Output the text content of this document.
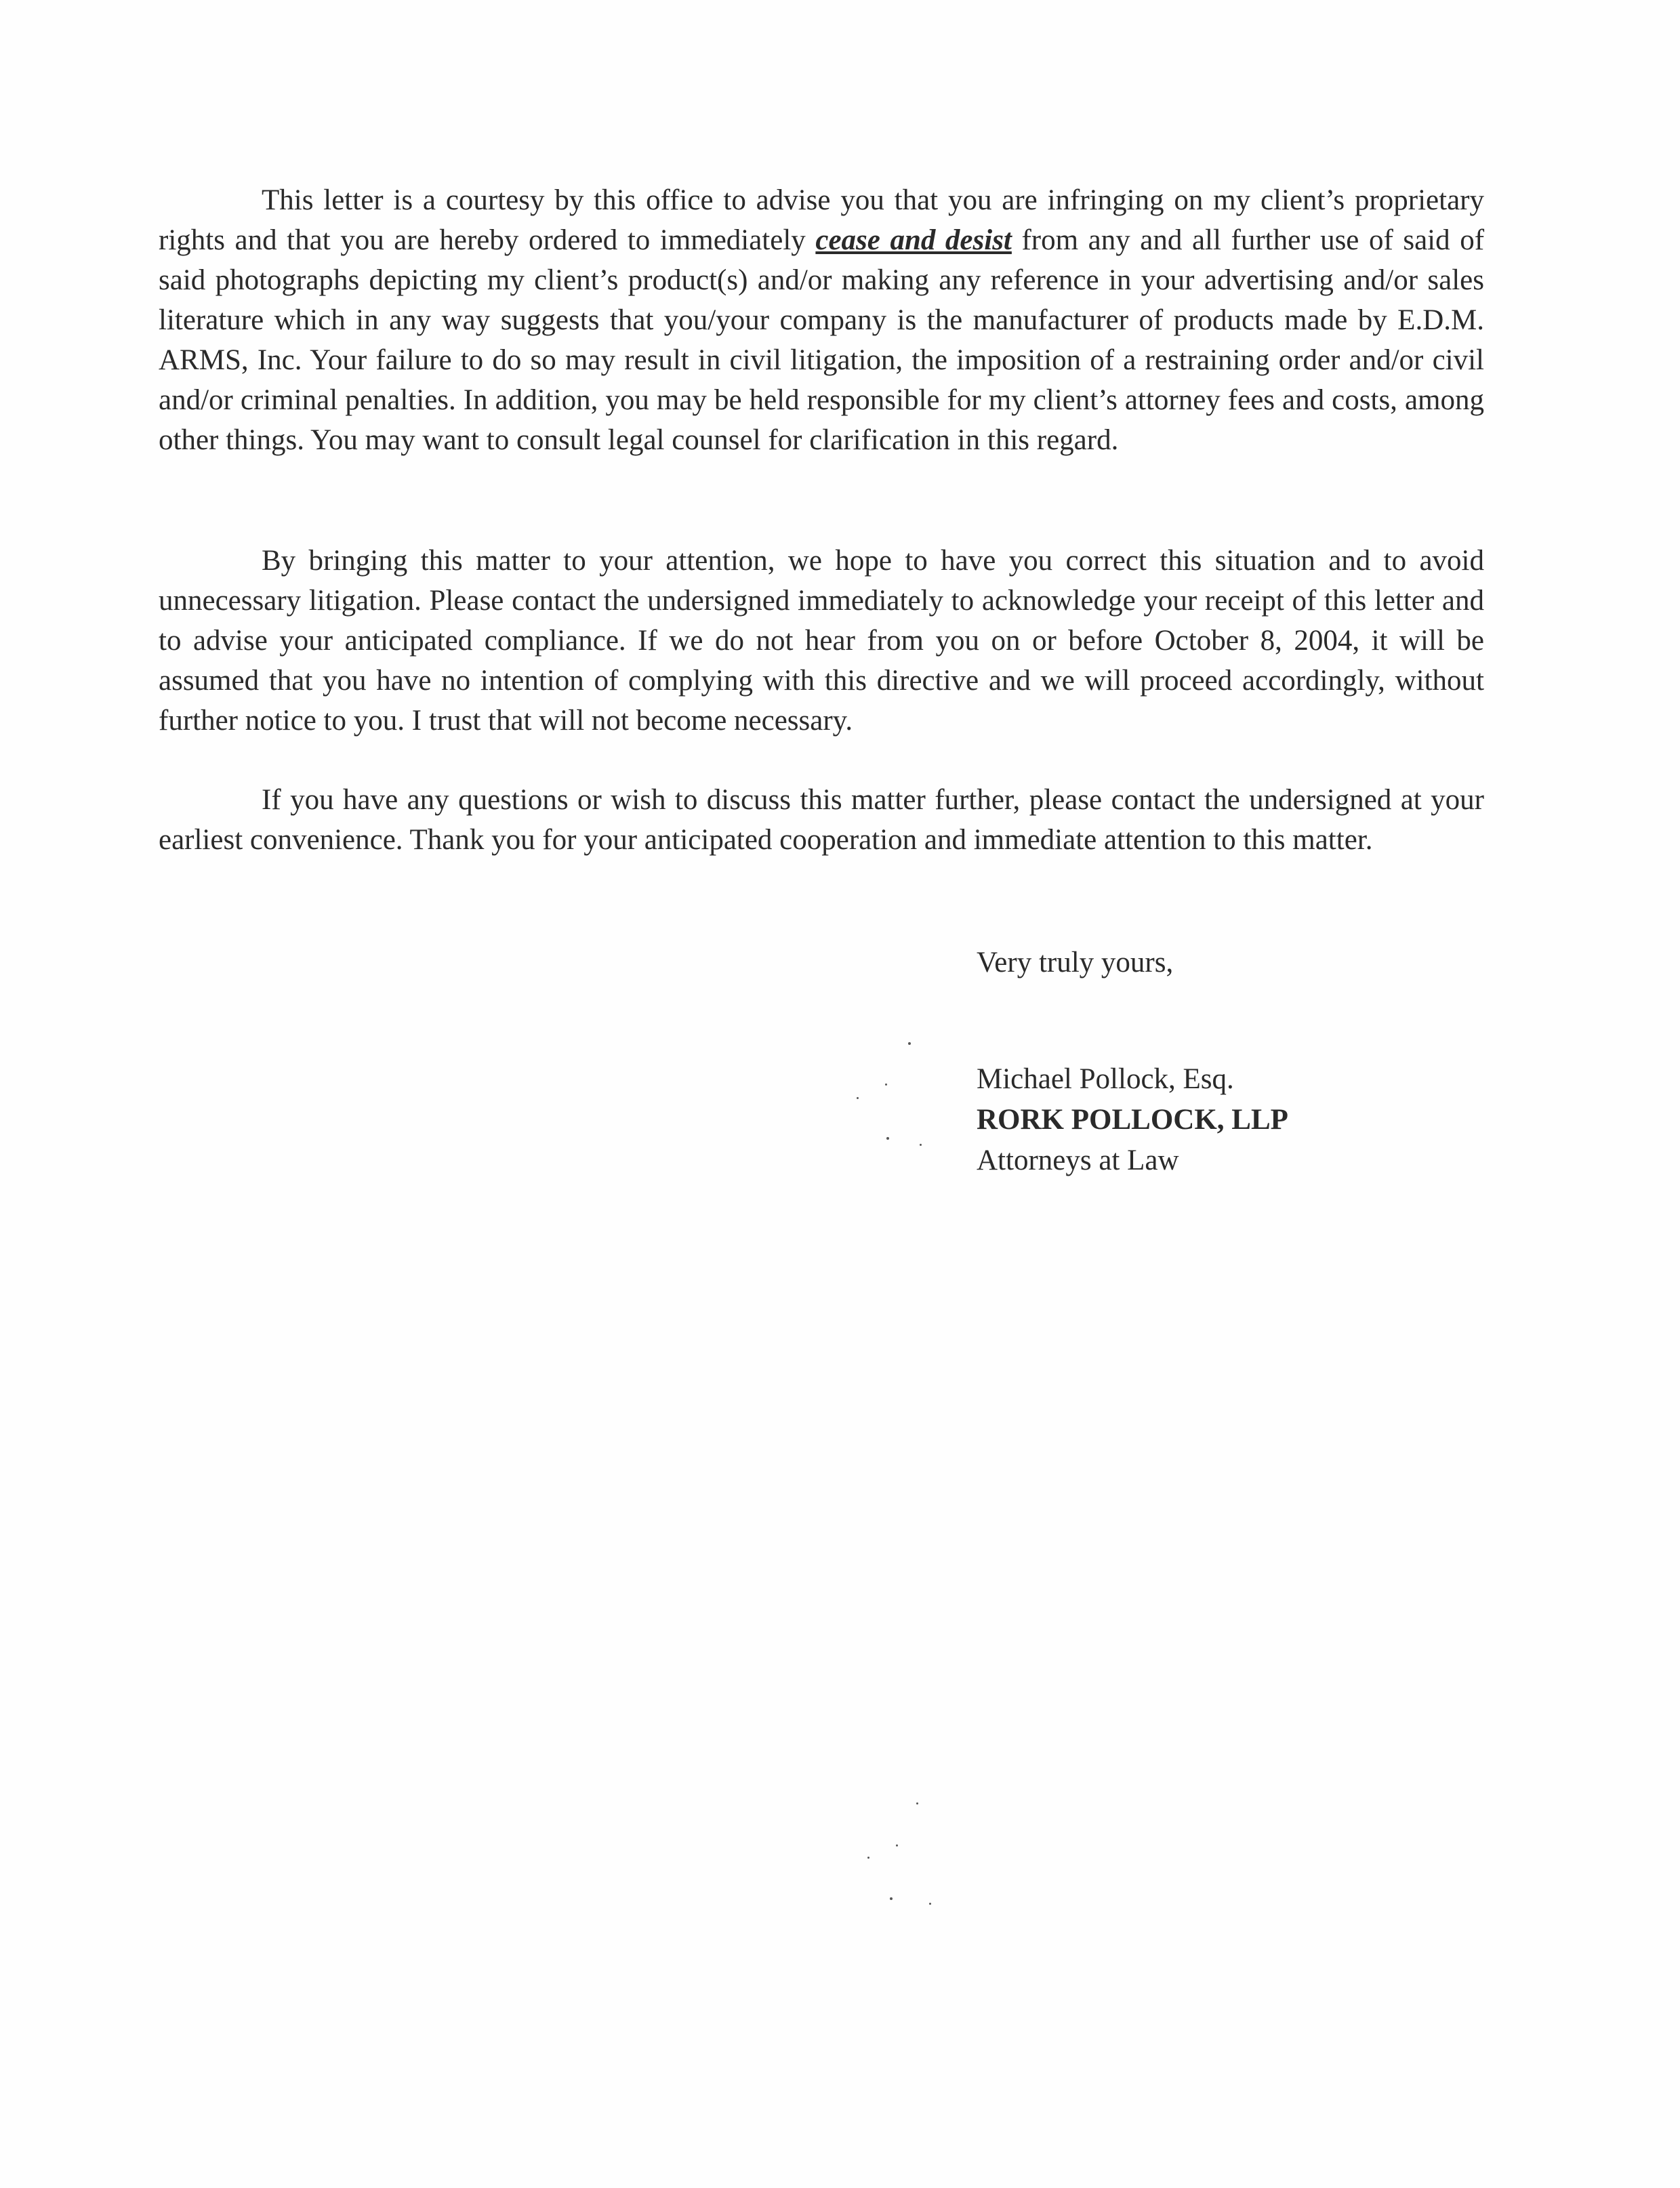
This letter is a courtesy by this office to advise you that you are infringing on my client’s proprietary rights and that you are hereby ordered to immediately cease and desist from any and all further use of said of said photographs depicting my client’s product(s) and/or making any reference in your advertising and/or sales literature which in any way suggests that you/your company is the manufacturer of products made by E.D.M. ARMS, Inc. Your failure to do so may result in civil litigation, the imposition of a restraining order and/or civil and/or criminal penalties. In addition, you may be held responsible for my client’s attorney fees and costs, among other things. You may want to consult legal counsel for clarification in this regard.

By bringing this matter to your attention, we hope to have you correct this situation and to avoid unnecessary litigation. Please contact the undersigned immediately to acknowledge your receipt of this letter and to advise your anticipated compliance. If we do not hear from you on or before October 8, 2004, it will be assumed that you have no intention of complying with this directive and we will proceed accordingly, without further notice to you. I trust that will not become necessary.

If you have any questions or wish to discuss this matter further, please contact the undersigned at your earliest convenience. Thank you for your anticipated cooperation and immediate attention to this matter.

Very truly yours,

Michael Pollock, Esq.

RORK POLLOCK, LLP

Attorneys at Law
